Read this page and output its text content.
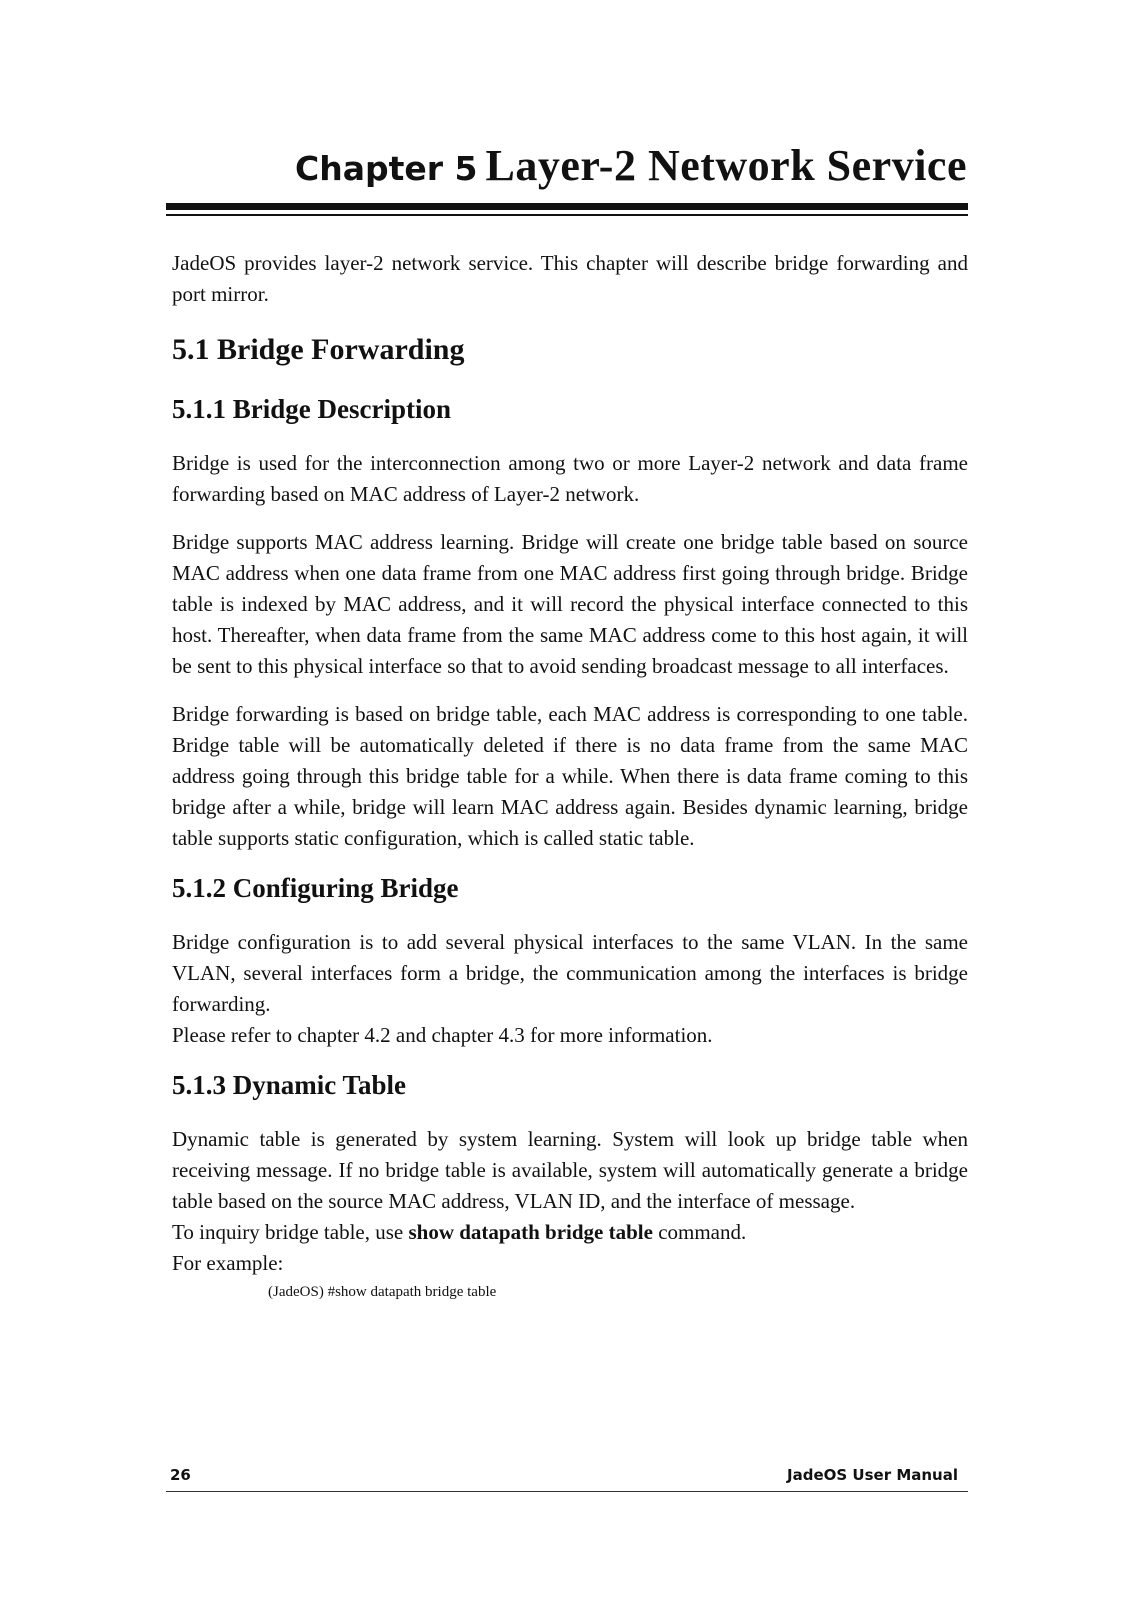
Chapter 5 Layer-2 Network Service

JadeOS provides layer-2 network service. This chapter will describe bridge forwarding and port mirror.

5.1 Bridge Forwarding
5.1.1 Bridge Description

Bridge is used for the interconnection among two or more Layer-2 network and data frame forwarding based on MAC address of Layer-2 network.

Bridge supports MAC address learning. Bridge will create one bridge table based on source MAC address when one data frame from one MAC address first going through bridge. Bridge table is indexed by MAC address, and it will record the physical interface connected to this host. Thereafter, when data frame from the same MAC address come to this host again, it will be sent to this physical interface so that to avoid sending broadcast message to all interfaces.

Bridge forwarding is based on bridge table, each MAC address is corresponding to one table. Bridge table will be automatically deleted if there is no data frame from the same MAC address going through this bridge table for a while. When there is data frame coming to this bridge after a while, bridge will learn MAC address again. Besides dynamic learning, bridge table supports static configuration, which is called static table.

5.1.2 Configuring Bridge

Bridge configuration is to add several physical interfaces to the same VLAN. In the same VLAN, several interfaces form a bridge, the communication among the interfaces is bridge forwarding.

Please refer to chapter 4.2 and chapter 4.3 for more information.

5.1.3 Dynamic Table

Dynamic table is generated by system learning. System will look up bridge table when receiving message. If no bridge table is available, system will automatically generate a bridge table based on the source MAC address, VLAN ID, and the interface of message.

To inquiry bridge table, use show datapath bridge table command.

For example:

(JadeOS) #show datapath bridge table

26	JadeOS User Manual
